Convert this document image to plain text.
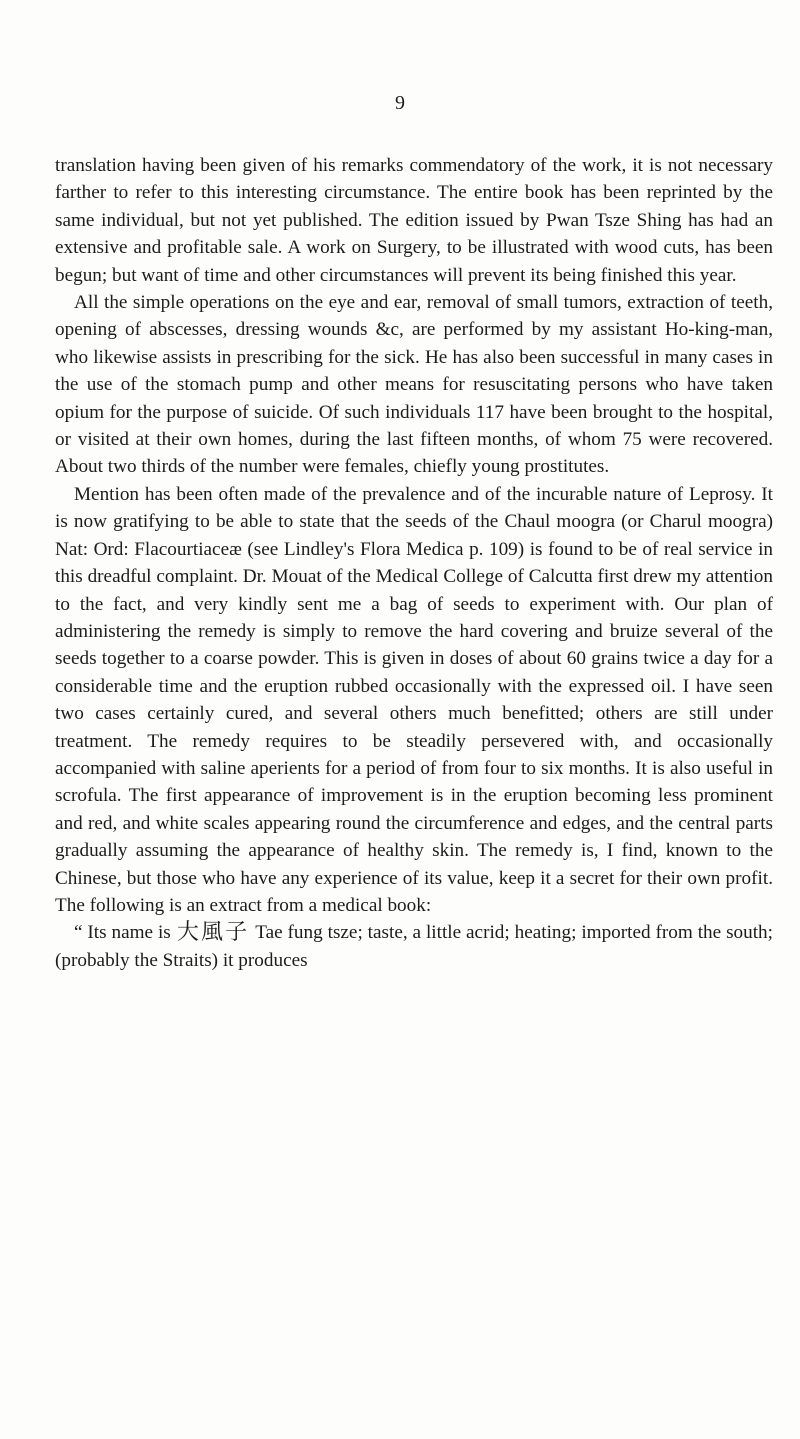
9

translation having been given of his remarks commendatory of the work, it is not necessary farther to refer to this interesting circumstance. The entire book has been reprinted by the same individual, but not yet published. The edition issued by Pwan Tsze Shing has had an extensive and profitable sale. A work on Surgery, to be illustrated with wood cuts, has been begun; but want of time and other circumstances will prevent its being finished this year.

All the simple operations on the eye and ear, removal of small tumors, extraction of teeth, opening of abscesses, dressing wounds &c, are performed by my assistant Ho-king-man, who likewise assists in prescribing for the sick. He has also been successful in many cases in the use of the stomach pump and other means for resuscitating persons who have taken opium for the purpose of suicide. Of such individuals 117 have been brought to the hospital, or visited at their own homes, during the last fifteen months, of whom 75 were recovered. About two thirds of the number were females, chiefly young prostitutes.

Mention has been often made of the prevalence and of the incurable nature of Leprosy. It is now gratifying to be able to state that the seeds of the Chaul moogra (or Charul moogra) Nat: Ord: Flacourtiaceæ (see Lindley's Flora Medica p. 109) is found to be of real service in this dreadful complaint. Dr. Mouat of the Medical College of Calcutta first drew my attention to the fact, and very kindly sent me a bag of seeds to experiment with. Our plan of administering the remedy is simply to remove the hard covering and bruize several of the seeds together to a coarse powder. This is given in doses of about 60 grains twice a day for a considerable time and the eruption rubbed occasionally with the expressed oil. I have seen two cases certainly cured, and several others much benefitted; others are still under treatment. The remedy requires to be steadily persevered with, and occasionally accompanied with saline aperients for a period of from four to six months. It is also useful in scrofula. The first appearance of improvement is in the eruption becoming less prominent and red, and white scales appearing round the circumference and edges, and the central parts gradually assuming the appearance of healthy skin. The remedy is, I find, known to the Chinese, but those who have any experience of its value, keep it a secret for their own profit. The following is an extract from a medical book:

“ Its name is 大風子 Tae fung tsze; taste, a little acrid; heating; imported from the south; (probably the Straits) it produces
